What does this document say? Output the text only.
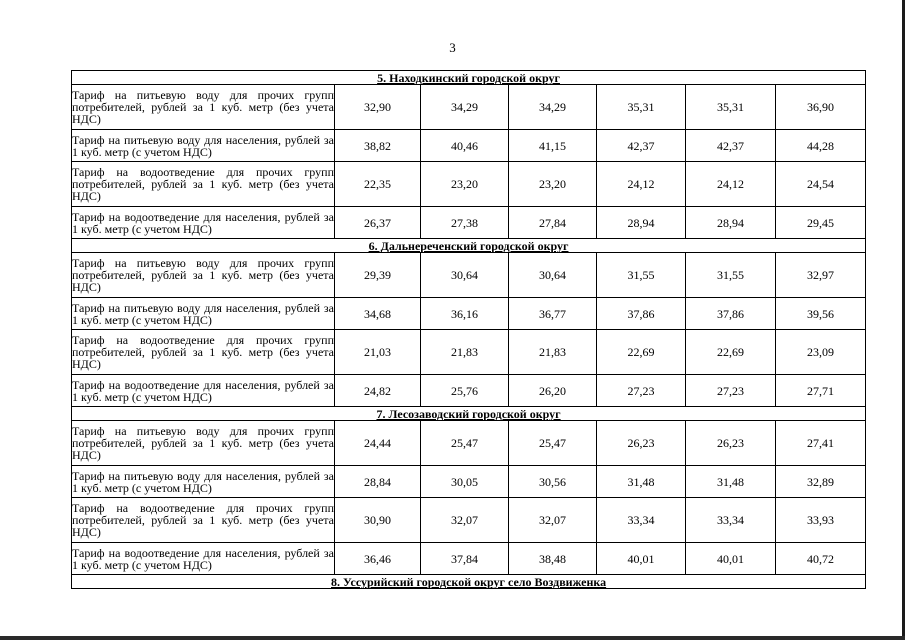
3
5. Находкинский городской округ						
Тариф на питьевую воду для прочих групп потребителей, рублей за 1 куб. метр (без учета НДС)	32,90	34,29	34,29	35,31	35,31	36,90
Тариф на питьевую воду для населения, рублей за 1 куб. метр (с учетом НДС)	38,82	40,46	41,15	42,37	42,37	44,28
Тариф на водоотведение для прочих групп потребителей, рублей за 1 куб. метр (без учета НДС)	22,35	23,20	23,20	24,12	24,12	24,54
Тариф на водоотведение для населения, рублей за 1 куб. метр (с учетом НДС)	26,37	27,38	27,84	28,94	28,94	29,45
6. Дальнереченский городской округ						
Тариф на питьевую воду для прочих групп потребителей, рублей за 1 куб. метр (без учета НДС)	29,39	30,64	30,64	31,55	31,55	32,97
Тариф на питьевую воду для населения, рублей за 1 куб. метр (с учетом НДС)	34,68	36,16	36,77	37,86	37,86	39,56
Тариф на водоотведение для прочих групп потребителей, рублей за 1 куб. метр (без учета НДС)	21,03	21,83	21,83	22,69	22,69	23,09
Тариф на водоотведение для населения, рублей за 1 куб. метр (с учетом НДС)	24,82	25,76	26,20	27,23	27,23	27,71
7. Лесозаводский городской округ						
Тариф на питьевую воду для прочих групп потребителей, рублей за 1 куб. метр (без учета НДС)	24,44	25,47	25,47	26,23	26,23	27,41
Тариф на питьевую воду для населения, рублей за 1 куб. метр (с учетом НДС)	28,84	30,05	30,56	31,48	31,48	32,89
Тариф на водоотведение для прочих групп потребителей, рублей за 1 куб. метр (без учета НДС)	30,90	32,07	32,07	33,34	33,34	33,93
Тариф на водоотведение для населения, рублей за 1 куб. метр (с учетом НДС)	36,46	37,84	38,48	40,01	40,01	40,72
8. Уссурийский городской округ село Воздвиженка						
